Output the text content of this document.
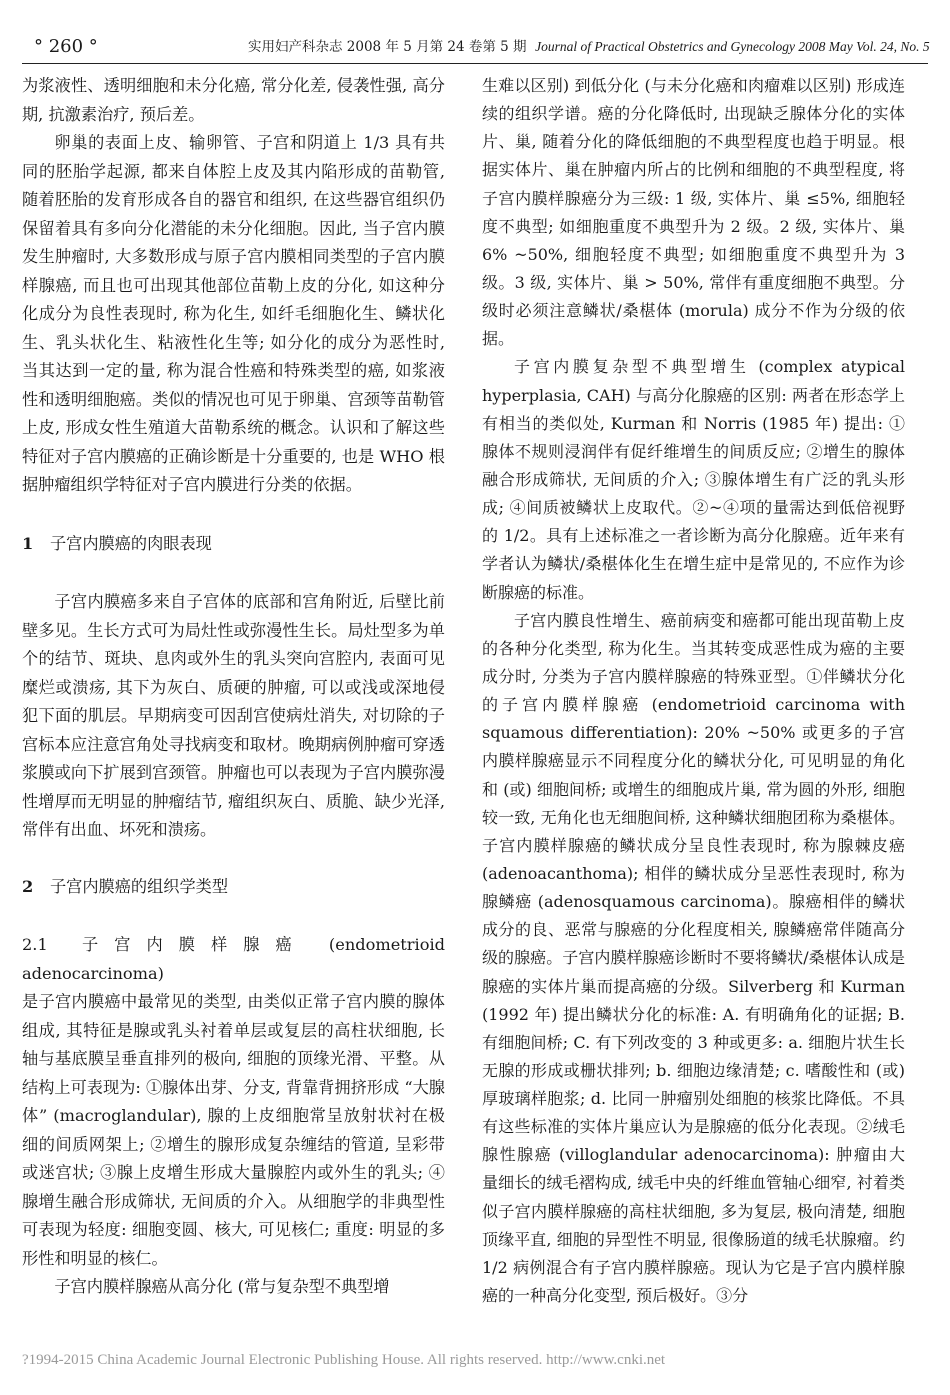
° 260 °	实用妇产科杂志 2008 年 5 月第 24 卷第 5 期 Journal of Practical Obstetrics and Gynecology 2008 May Vol. 24, No. 5

为浆液性、透明细胞和未分化癌, 常分化差, 侵袭性强, 高分期, 抗激素治疗, 预后差。

卵巢的表面上皮、输卵管、子宫和阴道上 1/3 具有共同的胚胎学起源, 都来自体腔上皮及其内陷形成的苗勒管, 随着胚胎的发育形成各自的器官和组织, 在这些器官组织仍保留着具有多向分化潜能的未分化细胞。因此, 当子宫内膜发生肿瘤时, 大多数形成与原子宫内膜相同类型的子宫内膜样腺癌, 而且也可出现其他部位苗勒上皮的分化, 如这种分化成分为良性表现时, 称为化生, 如纤毛细胞化生、鳞状化生、乳头状化生、粘液性化生等; 如分化的成分为恶性时, 当其达到一定的量, 称为混合性癌和特殊类型的癌, 如浆液性和透明细胞癌。类似的情况也可见于卵巢、宫颈等苗勒管上皮, 形成女性生殖道大苗勒系统的概念。认识和了解这些特征对子宫内膜癌的正确诊断是十分重要的, 也是 WHO 根据肿瘤组织学特征对子宫内膜进行分类的依据。

1 子宫内膜癌的肉眼表现

子宫内膜癌多来自子宫体的底部和宫角附近, 后壁比前壁多见。生长方式可为局灶性或弥漫性生长。局灶型多为单个的结节、斑块、息肉或外生的乳头突向宫腔内, 表面可见糜烂或溃疡, 其下为灰白、质硬的肿瘤, 可以或浅或深地侵犯下面的肌层。早期病变可因刮宫使病灶消失, 对切除的子宫标本应注意宫角处寻找病变和取材。晚期病例肿瘤可穿透浆膜或向下扩展到宫颈管。肿瘤也可以表现为子宫内膜弥漫性增厚而无明显的肿瘤结节, 瘤组织灰白、质脆、缺少光泽, 常伴有出血、坏死和溃疡。

2 子宫内膜癌的组织学类型

2.1 子宫内膜样腺癌 (endometrioid adenocarcinoma)

是子宫内膜癌中最常见的类型, 由类似正常子宫内膜的腺体组成, 其特征是腺或乳头衬着单层或复层的高柱状细胞, 长轴与基底膜呈垂直排列的极向, 细胞的顶缘光滑、平整。从结构上可表现为: ①腺体出芽、分支, 背靠背拥挤形成 “大腺体” (macroglandular), 腺的上皮细胞常呈放射状衬在极细的间质网架上; ②增生的腺形成复杂缠结的管道, 呈彩带或迷宫状; ③腺上皮增生形成大量腺腔内或外生的乳头; ④腺增生融合形成筛状, 无间质的介入。从细胞学的非典型性可表现为轻度: 细胞变圆、核大, 可见核仁; 重度: 明显的多形性和明显的核仁。

子宫内膜样腺癌从高分化 (常与复杂型不典型增

生难以区别) 到低分化 (与未分化癌和肉瘤难以区别) 形成连续的组织学谱。癌的分化降低时, 出现缺乏腺体分化的实体片、巢, 随着分化的降低细胞的不典型程度也趋于明显。根据实体片、巢在肿瘤内所占的比例和细胞的不典型程度, 将子宫内膜样腺癌分为三级: 1 级, 实体片、巢 ≤5%, 细胞轻度不典型; 如细胞重度不典型升为 2 级。2 级, 实体片、巢 6% ~50%, 细胞轻度不典型; 如细胞重度不典型升为 3 级。3 级, 实体片、巢 > 50%, 常伴有重度细胞不典型。分级时必须注意鳞状/桑椹体 (morula) 成分不作为分级的依据。

子宫内膜复杂型不典型增生 (complex atypical hyperplasia, CAH) 与高分化腺癌的区别: 两者在形态学上有相当的类似处, Kurman 和 Norris (1985 年) 提出: ①腺体不规则浸润伴有促纤维增生的间质反应; ②增生的腺体融合形成筛状, 无间质的介入; ③腺体增生有广泛的乳头形成; ④间质被鳞状上皮取代。②~④项的量需达到低倍视野的 1/2。具有上述标准之一者诊断为高分化腺癌。近年来有学者认为鳞状/桑椹体化生在增生症中是常见的, 不应作为诊断腺癌的标准。

子宫内膜良性增生、癌前病变和癌都可能出现苗勒上皮的各种分化类型, 称为化生。当其转变成恶性成为癌的主要成分时, 分类为子宫内膜样腺癌的特殊亚型。①伴鳞状分化的子宫内膜样腺癌 (endometrioid carcinoma with squamous differentiation): 20% ~50% 或更多的子宫内膜样腺癌显示不同程度分化的鳞状分化, 可见明显的角化和 (或) 细胞间桥; 或增生的细胞成片巢, 常为圆的外形, 细胞较一致, 无角化也无细胞间桥, 这种鳞状细胞团称为桑椹体。子宫内膜样腺癌的鳞状成分呈良性表现时, 称为腺棘皮癌 (adenoacanthoma); 相伴的鳞状成分呈恶性表现时, 称为腺鳞癌 (adenosquamous carcinoma)。腺癌相伴的鳞状成分的良、恶常与腺癌的分化程度相关, 腺鳞癌常伴随高分级的腺癌。子宫内膜样腺癌诊断时不要将鳞状/桑椹体认成是腺癌的实体片巢而提高癌的分级。Silverberg 和 Kurman (1992 年) 提出鳞状分化的标准: A. 有明确角化的证据; B. 有细胞间桥; C. 有下列改变的 3 种或更多: a. 细胞片状生长无腺的形成或栅状排列; b. 细胞边缘清楚; c. 嗜酸性和 (或) 厚玻璃样胞浆; d. 比同一肿瘤别处细胞的核浆比降低。不具有这些标准的实体片巢应认为是腺癌的低分化表现。②绒毛腺性腺癌 (villoglandular adenocarcinoma): 肿瘤由大量细长的绒毛褶构成, 绒毛中央的纤维血管轴心细窄, 衬着类似子宫内膜样腺癌的高柱状细胞, 多为复层, 极向清楚, 细胞顶缘平直, 细胞的异型性不明显, 很像肠道的绒毛状腺瘤。约 1/2 病例混合有子宫内膜样腺癌。现认为它是子宫内膜样腺癌的一种高分化变型, 预后极好。③分

?1994-2015 China Academic Journal Electronic Publishing House. All rights reserved. http://www.cnki.net
